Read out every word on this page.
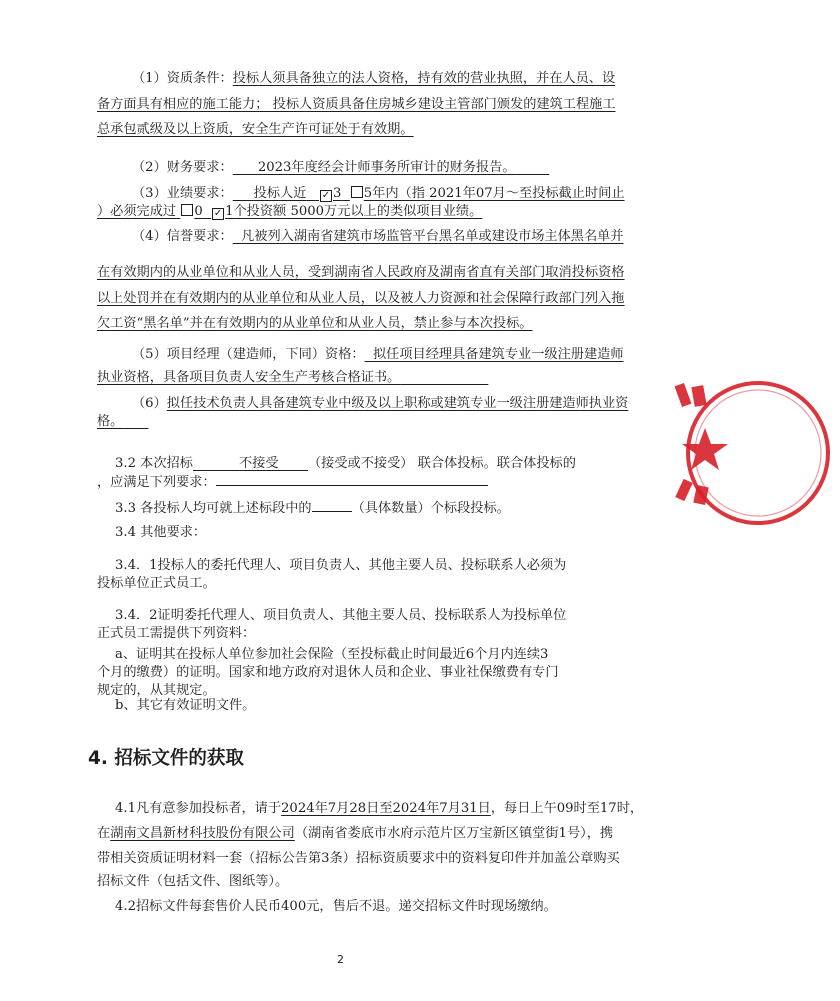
（1）资质条件：投标人须具备独立的法人资格，持有效的营业执照，并在人员、设
备方面具有相应的施工能力； 投标人资质具备住房城乡建设主管部门颁发的建筑工程施工
总承包贰级及以上资质，安全生产许可证处于有效期。
（2）财务要求： 2023年度经会计师事务所审计的财务报告。
（3）业绩要求： 投标人近 ✓ 3 5年内（指 2021年07月～至投标截止时间止
）必须完成过 0 ✓ 1个投资额 5000万元以上的类似项目业绩。
（4）信誉要求： 凡被列入湖南省建筑市场监管平台黑名单或建设市场主体黑名单并
在有效期内的从业单位和从业人员，受到湖南省人民政府及湖南省直有关部门取消投标资格
以上处罚并在有效期内的从业单位和从业人员，以及被人力资源和社会保障行政部门列入拖
欠工资“黑名单”并在有效期内的从业单位和从业人员，禁止参与本次投标。
（5）项目经理（建造师，下同）资格： 拟任项目经理具备建筑专业一级注册建造师
执业资格，具备项目负责人安全生产考核合格证书。
（6）拟任技术负责人具备建筑专业中级及以上职称或建筑专业一级注册建造师执业资
格。
3.2 本次招标	不接受 （接受或不接受） 联合体投标。联合体投标的
，应满足下列要求：
3.3 各投标人均可就上述标段中的	（具体数量）个标段投标。
3.4 其他要求：
3.4．1投标人的委托代理人、项目负责人、其他主要人员、投标联系人必须为
投标单位正式员工。
3.4．2证明委托代理人、项目负责人、其他主要人员、投标联系人为投标单位
正式员工需提供下列资料：
a、证明其在投标人单位参加社会保险（至投标截止时间最近6个月内连续3
个月的缴费）的证明。国家和地方政府对退休人员和企业、事业社保缴费有专门
规定的，从其规定。
b、其它有效证明文件。
4. 招标文件的获取
4.1凡有意参加投标者，请于2024年7月28日至2024年7月31日，每日上午09时至17时，
在湖南文昌新材科技股份有限公司（湖南省娄底市水府示范片区万宝新区镇堂街1号），携
带相关资质证明材料一套（招标公告第3条）招标资质要求中的资料复印件并加盖公章购买
招标文件（包括文件、图纸等）。
4.2招标文件每套售价人民币400元，售后不退。递交招标文件时现场缴纳。
2
